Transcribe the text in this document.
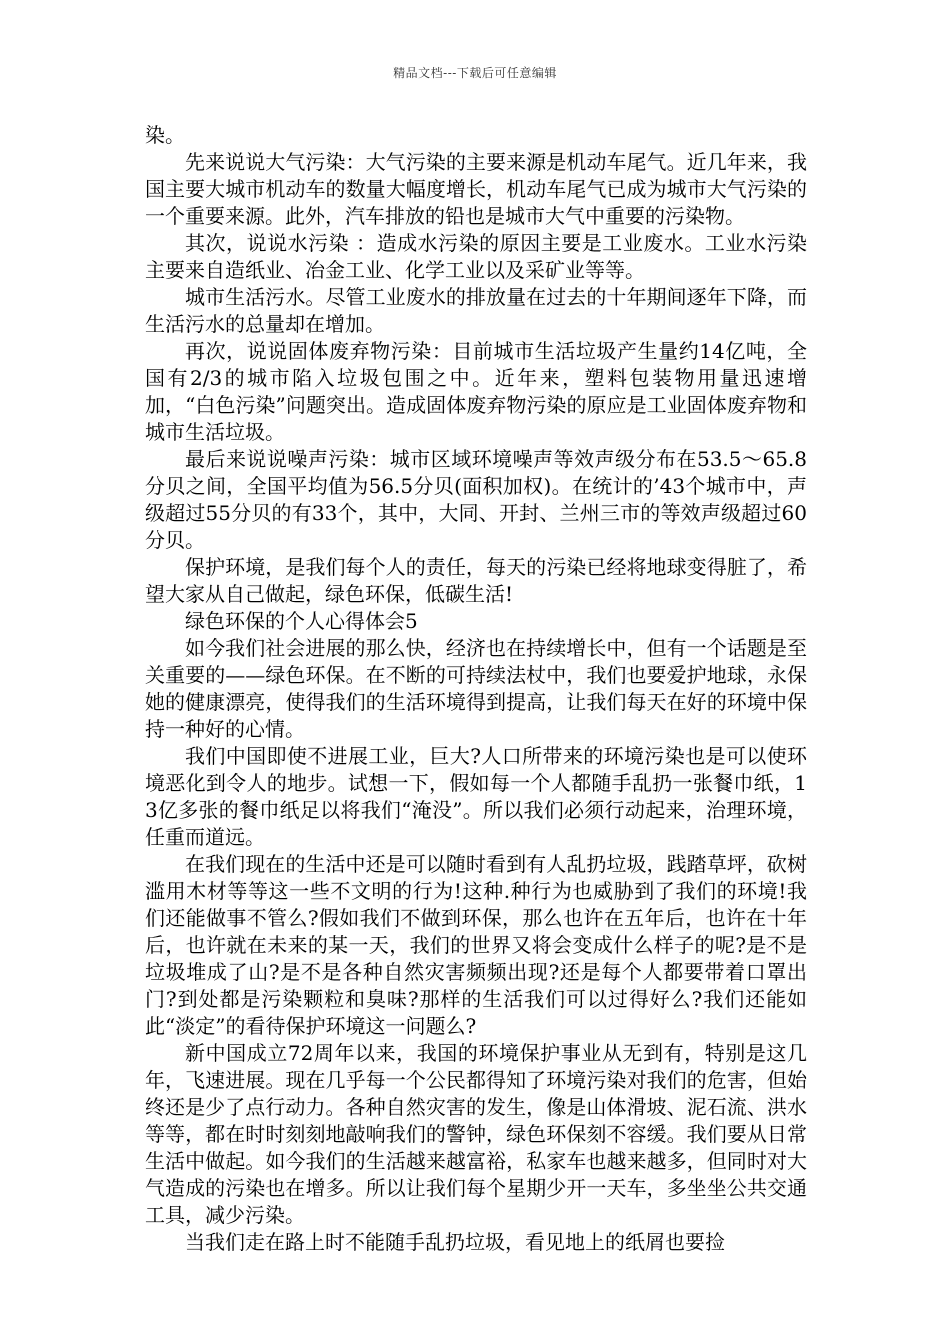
精品文档---下载后可任意编辑

染。

先来说说大气污染：大气污染的主要来源是机动车尾气。近几年来，我国主要大城市机动车的数量大幅度增长，机动车尾气已成为城市大气污染的一个重要来源。此外，汽车排放的铅也是城市大气中重要的污染物。

其次，说说水污染 ：造成水污染的原因主要是工业废水。工业水污染主要来自造纸业、冶金工业、化学工业以及采矿业等等。

城市生活污水。尽管工业废水的排放量在过去的十年期间逐年下降，而生活污水的总量却在增加。

再次，说说固体废弃物污染：目前城市生活垃圾产生量约14亿吨，全国有2/3的城市陷入垃圾包围之中。近年来，塑料包装物用量迅速增加，“白色污染”问题突出。造成固体废弃物污染的原应是工业固体废弃物和城市生活垃圾。

最后来说说噪声污染：城市区域环境噪声等效声级分布在53.5～65.8分贝之间，全国平均值为56.5分贝(面积加权)。在统计的’43个城市中，声级超过55分贝的有33个，其中，大同、开封、兰州三市的等效声级超过60分贝。

保护环境，是我们每个人的责任，每天的污染已经将地球变得脏了，希望大家从自己做起，绿色环保，低碳生活!

绿色环保的个人心得体会5

如今我们社会进展的那么快，经济也在持续增长中，但有一个话题是至关重要的——绿色环保。在不断的可持续法杖中，我们也要爱护地球，永保她的健康漂亮，使得我们的生活环境得到提高，让我们每天在好的环境中保持一种好的心情。

我们中国即使不进展工业，巨大?人口所带来的环境污染也是可以使环境恶化到令人的地步。试想一下，假如每一个人都随手乱扔一张餐巾纸，13亿多张的餐巾纸足以将我们“淹没”。所以我们必须行动起来，治理环境，任重而道远。

在我们现在的生活中还是可以随时看到有人乱扔垃圾，践踏草坪，砍树滥用木材等等这一些不文明的行为!这种.种行为也威胁到了我们的环境!我们还能做事不管么?假如我们不做到环保，那么也许在五年后，也许在十年后，也许就在未来的某一天，我们的世界又将会变成什么样子的呢?是不是垃圾堆成了山?是不是各种自然灾害频频出现?还是每个人都要带着口罩出门?到处都是污染颗粒和臭味?那样的生活我们可以过得好么?我们还能如此“淡定”的看待保护环境这一问题么?

新中国成立72周年以来，我国的环境保护事业从无到有，特别是这几年，飞速进展。现在几乎每一个公民都得知了环境污染对我们的危害，但始终还是少了点行动力。各种自然灾害的发生，像是山体滑坡、泥石流、洪水等等，都在时时刻刻地敲响我们的警钟，绿色环保刻不容缓。我们要从日常生活中做起。如今我们的生活越来越富裕，私家车也越来越多，但同时对大气造成的污染也在增多。所以让我们每个星期少开一天车，多坐坐公共交通工具，减少污染。

当我们走在路上时不能随手乱扔垃圾，看见地上的纸屑也要捡
